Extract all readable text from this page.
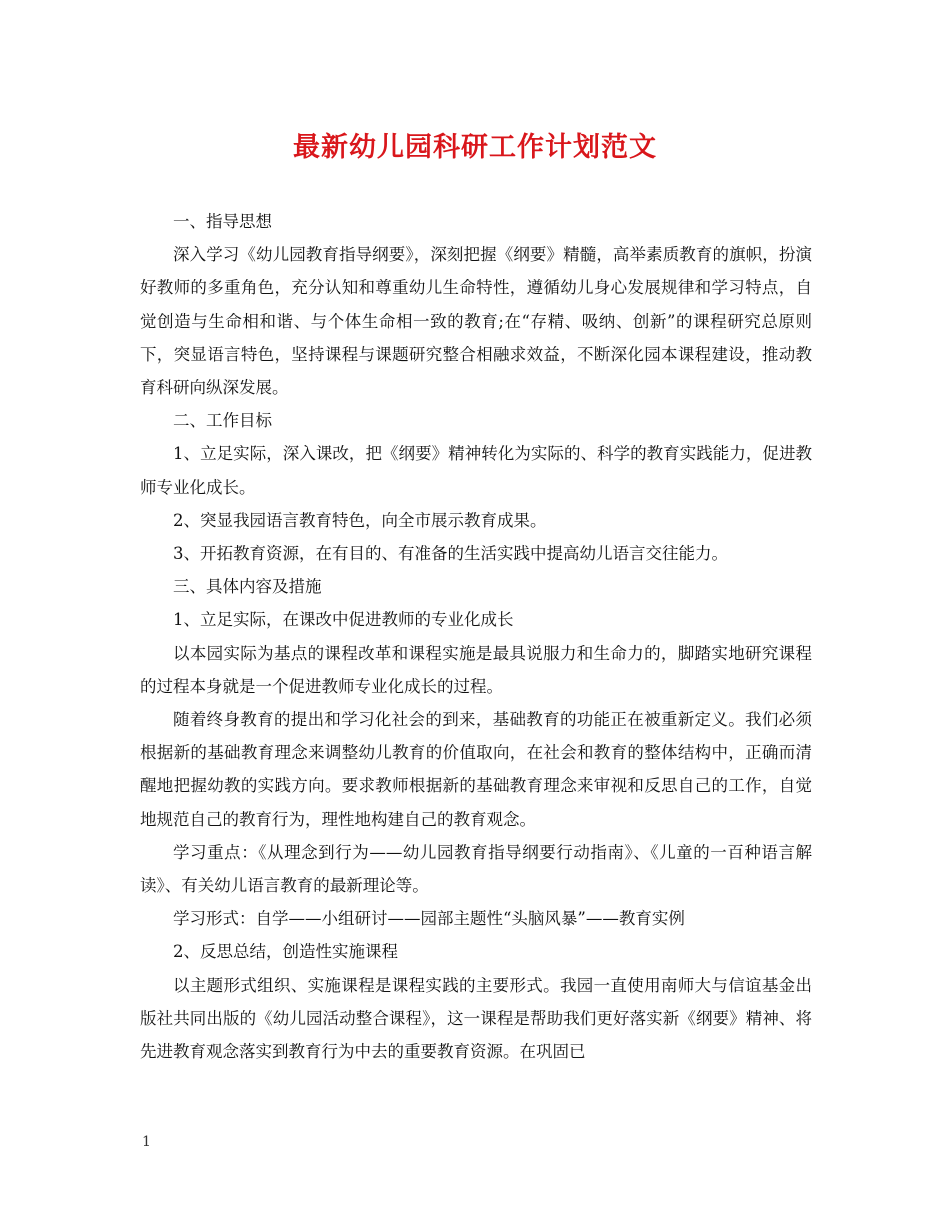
最新幼儿园科研工作计划范文

一、指导思想

深入学习《幼儿园教育指导纲要》，深刻把握《纲要》精髓，高举素质教育的旗帜，扮演好教师的多重角色，充分认知和尊重幼儿生命特性，遵循幼儿身心发展规律和学习特点，自觉创造与生命相和谐、与个体生命相一致的教育;在“存精、吸纳、创新”的课程研究总原则下，突显语言特色，坚持课程与课题研究整合相融求效益，不断深化园本课程建设，推动教育科研向纵深发展。

二、工作目标

1、立足实际，深入课改，把《纲要》精神转化为实际的、科学的教育实践能力，促进教师专业化成长。

2、突显我园语言教育特色，向全市展示教育成果。

3、开拓教育资源，在有目的、有准备的生活实践中提高幼儿语言交往能力。

三、具体内容及措施

1、立足实际，在课改中促进教师的专业化成长

以本园实际为基点的课程改革和课程实施是最具说服力和生命力的，脚踏实地研究课程的过程本身就是一个促进教师专业化成长的过程。

随着终身教育的提出和学习化社会的到来，基础教育的功能正在被重新定义。我们必须根据新的基础教育理念来调整幼儿教育的价值取向，在社会和教育的整体结构中，正确而清醒地把握幼教的实践方向。要求教师根据新的基础教育理念来审视和反思自己的工作，自觉地规范自己的教育行为，理性地构建自己的教育观念。

学习重点：《从理念到行为——幼儿园教育指导纲要行动指南》、《儿童的一百种语言解读》、有关幼儿语言教育的最新理论等。

学习形式：自学——小组研讨——园部主题性“头脑风暴”——教育实例

2、反思总结，创造性实施课程

以主题形式组织、实施课程是课程实践的主要形式。我园一直使用南师大与信谊基金出版社共同出版的《幼儿园活动整合课程》，这一课程是帮助我们更好落实新《纲要》精神、将先进教育观念落实到教育行为中去的重要教育资源。在巩固已

1
